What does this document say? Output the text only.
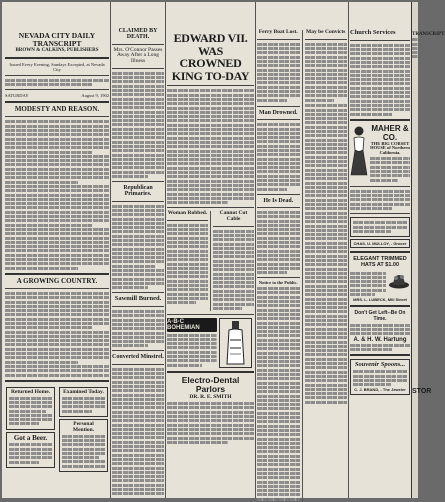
NEVADA CITY DAILY TRANSCRIPT
BROWN & CALKINS, PUBLISHERS
Issued Every Evening, Sundays Excepted, at Nevada City
SATURDAY	August 9, 1902
MODESTY AND REASON.
A GROWING COUNTRY.
Returned Home.
Got a Beer.
Examined Today.
Personal Mention.
CLAIMED BY DEATH.
Mrs. O'Connor Passes Away After a Long Illness
Republican Primaries.
Sawmill Burned.
Converted Minstrel.
EDWARD VII. WAS CROWNED KING TO-DAY
Woman Robbed.	Cannot Cut Cable
A·B·C BOHEMIAN
Electro-Dental Parlors
DR. R. E. SMITH
Ferry Boat Lost.	May be Convicts
Man Drowned.
He Is Dead.
Notice to the Public.
Church Services
MAHER & CO.
THE BIG CORSET HOUSE of Northern California.
CHAS. U. MULLOY, - Grocer
ELEGANT TRIMMED HATS AT $1.00
MRS. L. LUBECK, Mill Street
Don't Get Left--Be On Time.
A. & H. W. Hartung
Souvenir Spoons...
C. J. BRAND, - The Jeweler
TRANSCRIPT
STOR
